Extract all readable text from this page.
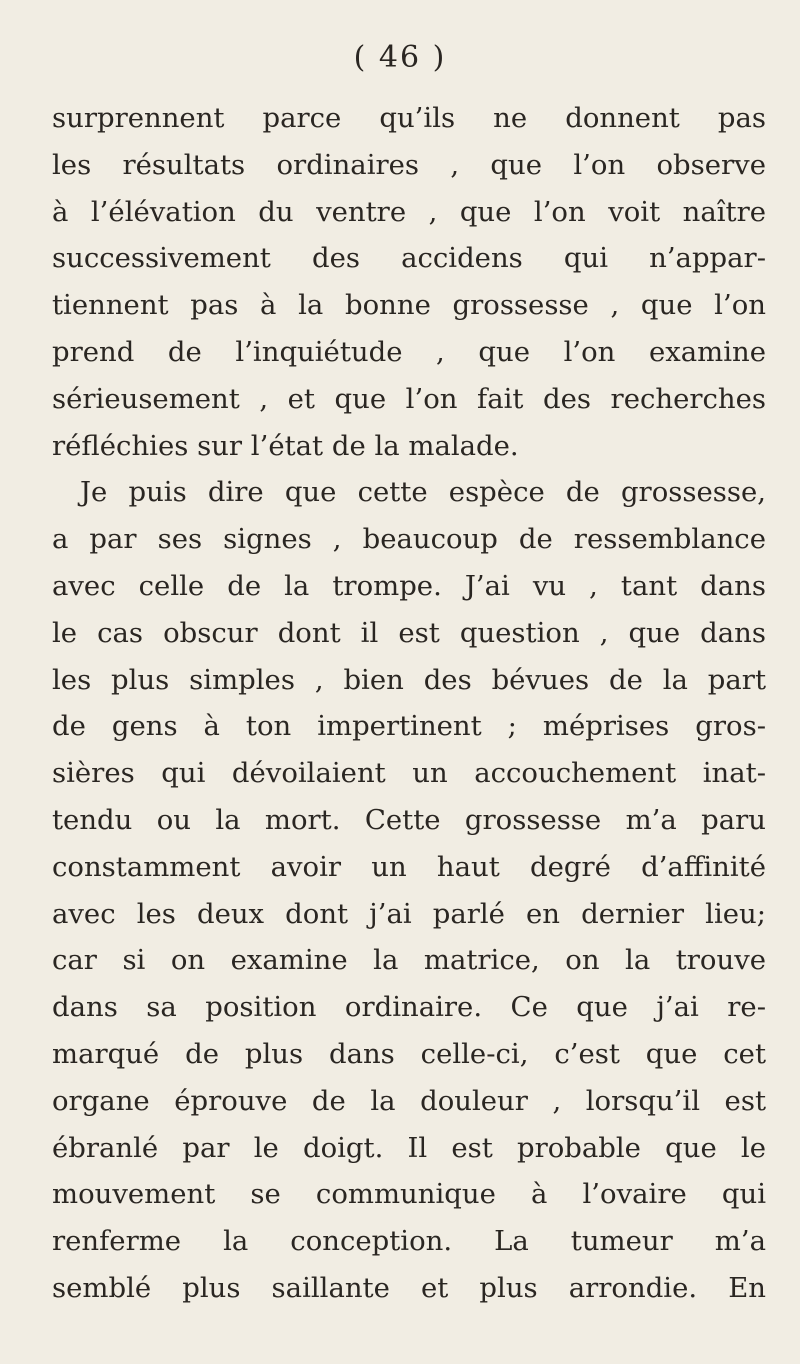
( 46 )
surprennent parce qu’ils ne donnent pas
les résultats ordinaires , que l’on observe
à l’élévation du ventre , que l’on voit naître
successivement des accidens qui n’appar-
tiennent pas à la bonne grossesse , que l’on
prend de l’inquiétude , que l’on examine
sérieusement , et que l’on fait des recherches
réfléchies sur l’état de la malade.
Je puis dire que cette espèce de grossesse,
a par ses signes , beaucoup de ressemblance
avec celle de la trompe. J’ai vu , tant dans
le cas obscur dont il est question , que dans
les plus simples , bien des bévues de la part
de gens à ton impertinent ; méprises gros-
sières qui dévoilaient un accouchement inat-
tendu ou la mort. Cette grossesse m’a paru
constamment avoir un haut degré d’affinité
avec les deux dont j’ai parlé en dernier lieu;
car si on examine la matrice, on la trouve
dans sa position ordinaire. Ce que j’ai re-
marqué de plus dans celle-ci, c’est que cet
organe éprouve de la douleur , lorsqu’il est
ébranlé par le doigt. Il est probable que le
mouvement se communique à l’ovaire qui
renferme la conception. La tumeur m’a
semblé plus saillante et plus arrondie. En
